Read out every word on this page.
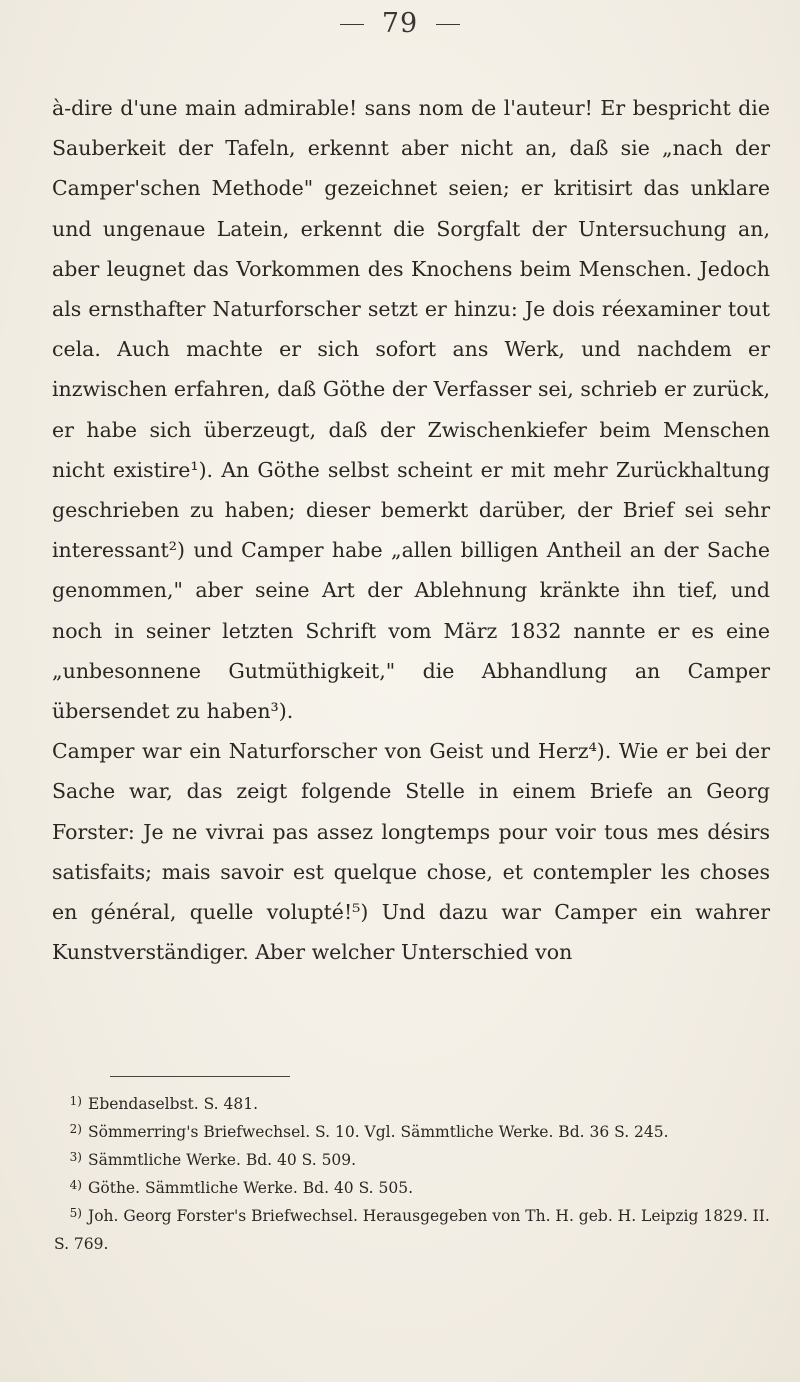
79

à-dire d'une main admirable! sans nom de l'auteur! Er bespricht die Sauberkeit der Tafeln, erkennt aber nicht an, daß sie „nach der Camper'schen Methode" gezeichnet seien; er kritisirt das unklare und ungenaue Latein, erkennt die Sorgfalt der Untersuchung an, aber leugnet das Vorkommen des Knochens beim Menschen. Jedoch als ernsthafter Naturforscher setzt er hinzu: Je dois réexaminer tout cela. Auch machte er sich sofort ans Werk, und nachdem er inzwischen erfahren, daß Göthe der Verfasser sei, schrieb er zurück, er habe sich überzeugt, daß der Zwischenkiefer beim Menschen nicht existire¹). An Göthe selbst scheint er mit mehr Zurückhaltung geschrieben zu haben; dieser bemerkt darüber, der Brief sei sehr interessant²) und Camper habe „allen billigen Antheil an der Sache genommen," aber seine Art der Ablehnung kränkte ihn tief, und noch in seiner letzten Schrift vom März 1832 nannte er es eine „unbesonnene Gutmüthigkeit," die Abhandlung an Camper übersendet zu haben³).

Camper war ein Naturforscher von Geist und Herz⁴). Wie er bei der Sache war, das zeigt folgende Stelle in einem Briefe an Georg Forster: Je ne vivrai pas assez longtemps pour voir tous mes désirs satisfaits; mais savoir est quelque chose, et contempler les choses en général, quelle volupté!⁵) Und dazu war Camper ein wahrer Kunstverständiger. Aber welcher Unterschied von

1) Ebendaselbst. S. 481.
2) Sömmerring's Briefwechsel. S. 10. Vgl. Sämmtliche Werke. Bd. 36 S. 245.
3) Sämmtliche Werke. Bd. 40 S. 509.
4) Göthe. Sämmtliche Werke. Bd. 40 S. 505.
5) Joh. Georg Forster's Briefwechsel. Herausgegeben von Th. H. geb. H. Leipzig 1829. II. S. 769.
